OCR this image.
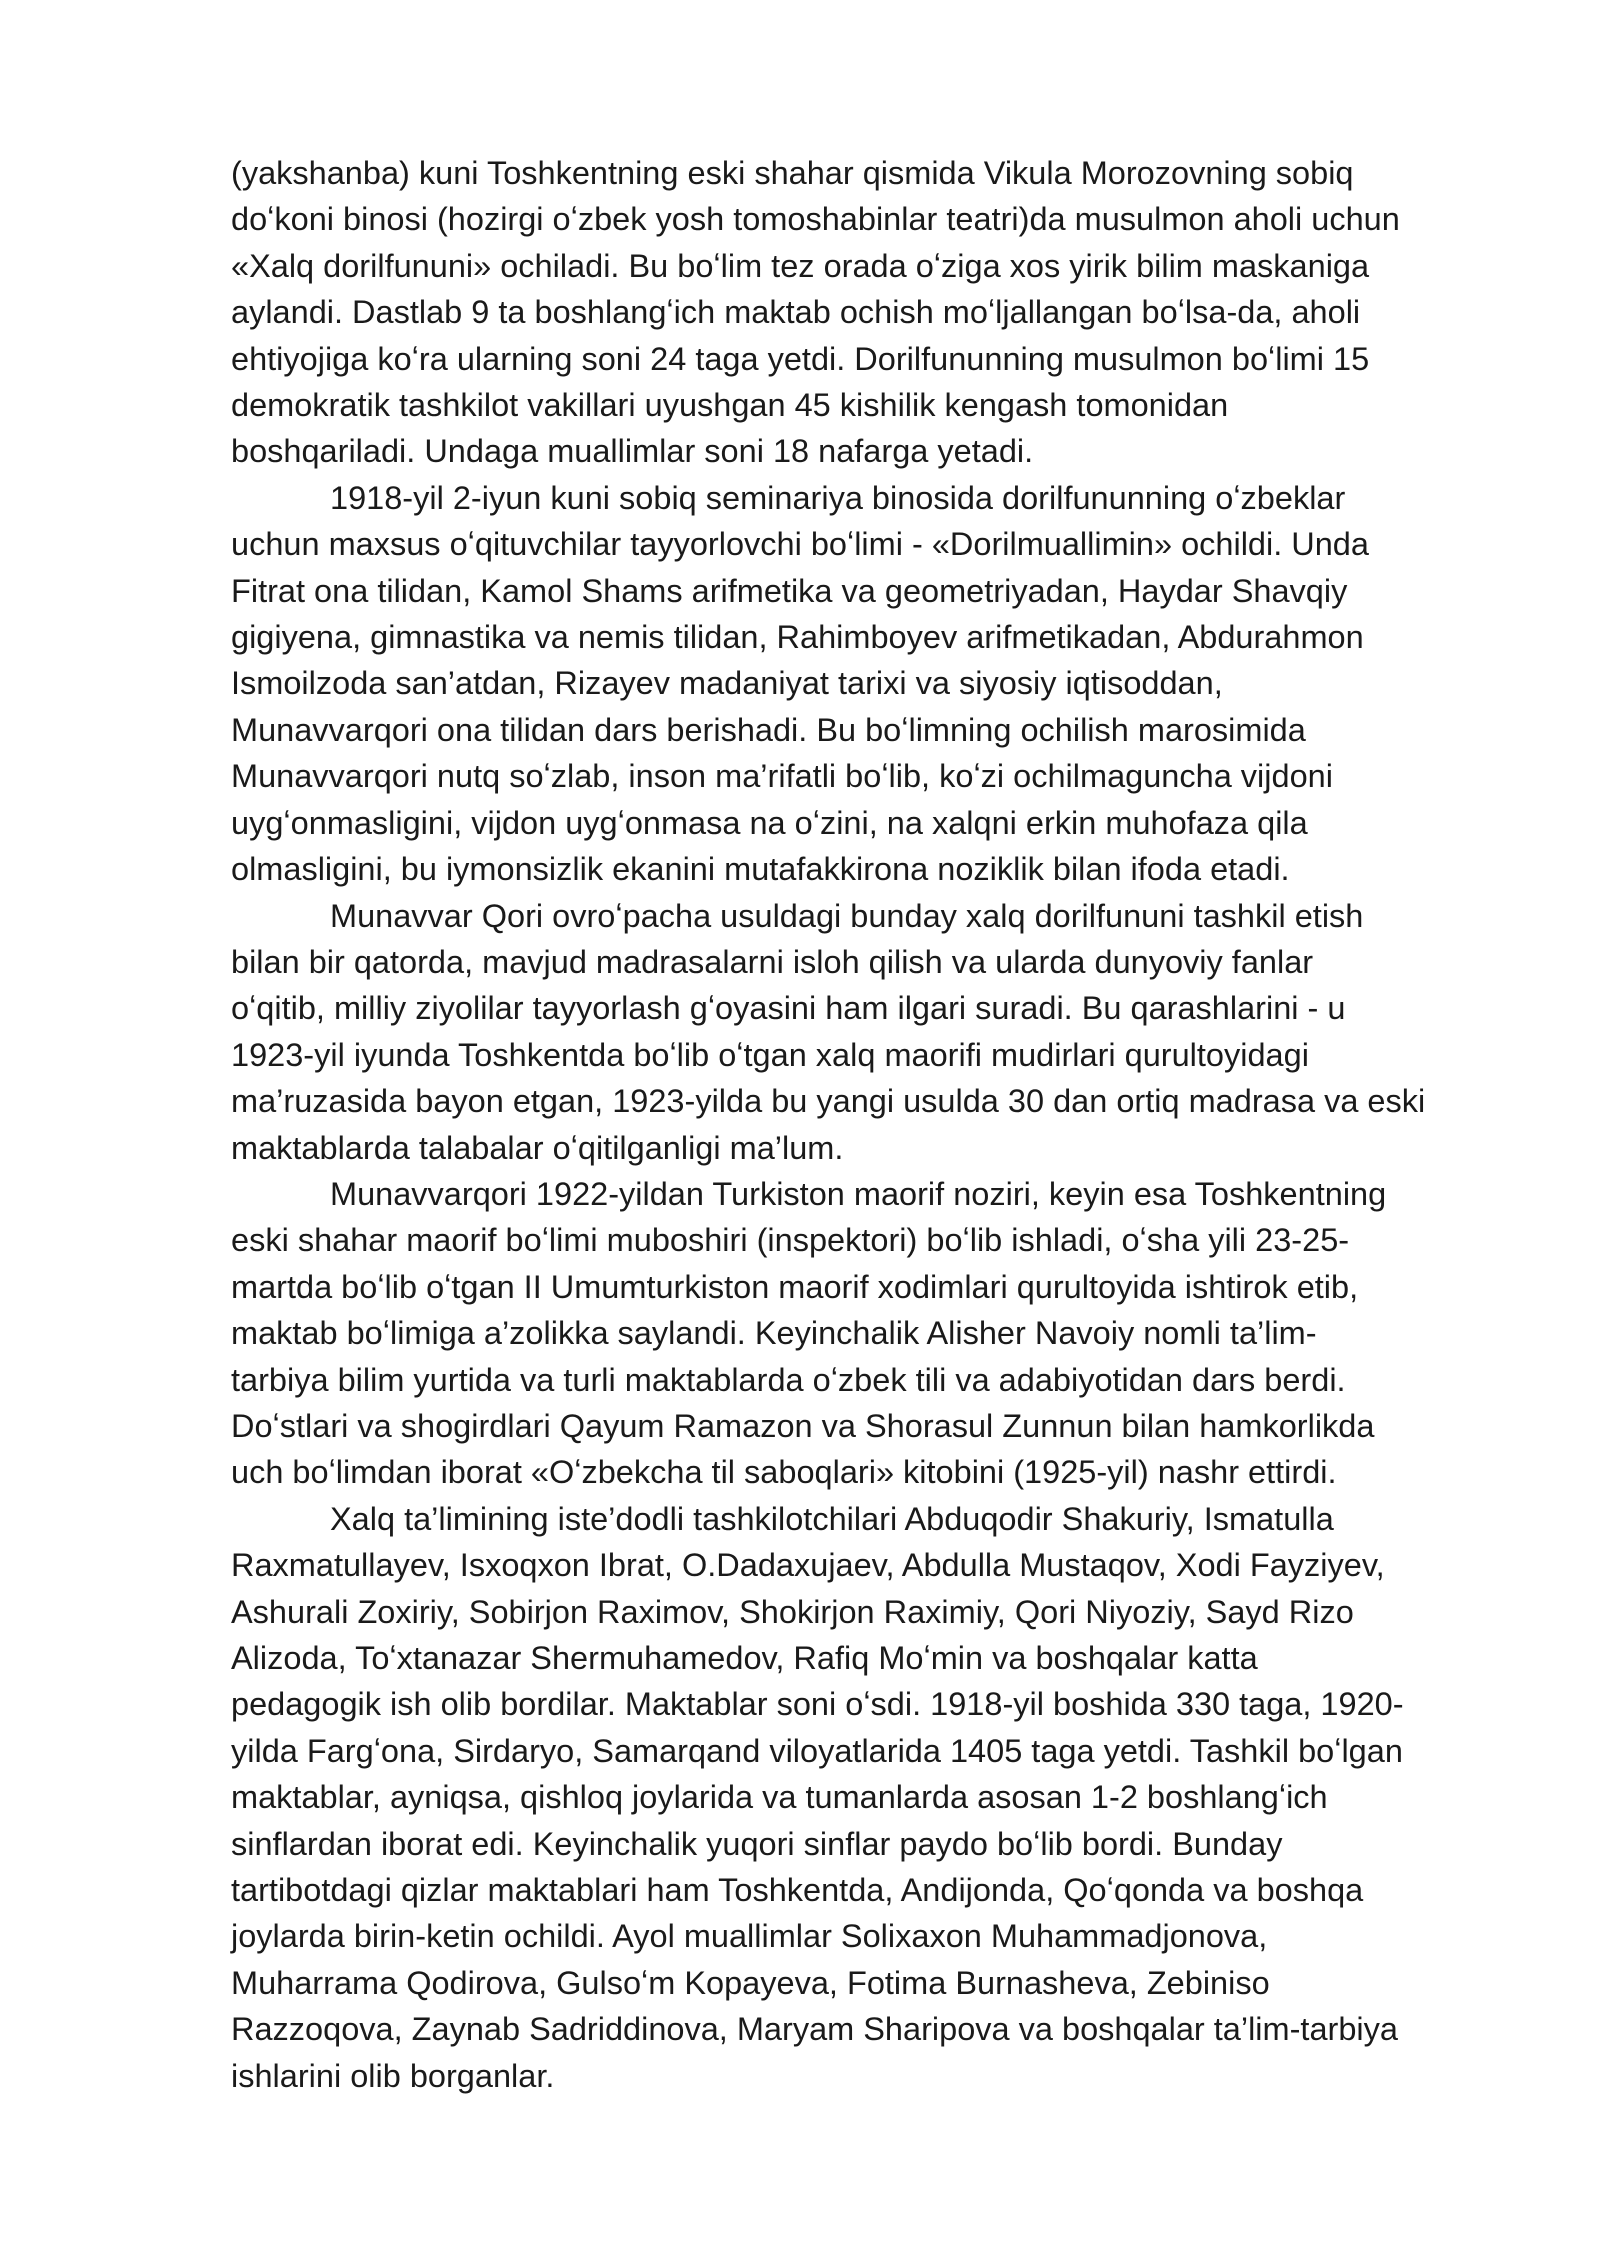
(yakshanba) kuni Toshkentning eski shahar qismida Vikula Morozovning sobiq
doʻkoni binosi (hozirgi oʻzbek yosh tomoshabinlar teatri)da musulmon aholi uchun
«Xalq dorilfununi» ochiladi. Bu boʻlim tez orada oʻziga xos yirik bilim maskaniga
aylandi. Dastlab 9 ta boshlangʻich maktab ochish moʻljallangan boʻlsa-da, aholi
ehtiyojiga koʻra ularning soni 24 taga yetdi. Dorilfununning musulmon boʻlimi 15
demokratik tashkilot vakillari uyushgan 45 kishilik kengash tomonidan
boshqariladi. Undaga muallimlar soni 18 nafarga yetadi.
1918-yil 2-iyun kuni sobiq seminariya binosida dorilfununning oʻzbeklar
uchun maxsus oʻqituvchilar tayyorlovchi boʻlimi - «Dorilmuallimin» ochildi. Unda
Fitrat ona tilidan, Kamol Shams arifmetika va geometriyadan, Haydar Shavqiy
gigiyena, gimnastika va nemis tilidan, Rahimboyev arifmetikadan, Abdurahmon
Ismoilzoda san’atdan, Rizayev madaniyat tarixi va siyosiy iqtisoddan,
Munavvarqori ona tilidan dars berishadi. Bu boʻlimning ochilish marosimida
Munavvarqori nutq soʻzlab, inson ma’rifatli boʻlib, koʻzi ochilmaguncha vijdoni
uygʻonmasligini, vijdon uygʻonmasa na oʻzini, na xalqni erkin muhofaza qila
olmasligini, bu iymonsizlik ekanini mutafakkirona noziklik bilan ifoda etadi.
Munavvar Qori ovroʻpacha usuldagi bunday xalq dorilfununi tashkil etish
bilan bir qatorda, mavjud madrasalarni isloh qilish va ularda dunyoviy fanlar
oʻqitib, milliy ziyolilar tayyorlash gʻoyasini ham ilgari suradi. Bu qarashlarini - u
1923-yil iyunda Toshkentda boʻlib oʻtgan xalq maorifi mudirlari qurultoyidagi
ma’ruzasida bayon etgan, 1923-yilda bu yangi usulda 30 dan ortiq madrasa va eski
maktablarda talabalar oʻqitilganligi ma’lum.
Munavvarqori 1922-yildan Turkiston maorif noziri, keyin esa Toshkentning
eski shahar maorif boʻlimi muboshiri (inspektori) boʻlib ishladi, oʻsha yili 23-25-
martda boʻlib oʻtgan II Umumturkiston maorif xodimlari qurultoyida ishtirok etib,
maktab boʻlimiga a’zolikka saylandi. Keyinchalik Alisher Navoiy nomli ta’lim-
tarbiya bilim yurtida va turli maktablarda oʻzbek tili va adabiyotidan dars berdi.
Doʻstlari va shogirdlari Qayum Ramazon va Shorasul Zunnun bilan hamkorlikda
uch boʻlimdan iborat «Oʻzbekcha til saboqlari» kitobini (1925-yil) nashr ettirdi.
Xalq ta’limining iste’dodli tashkilotchilari Abduqodir Shakuriy, Ismatulla
Raxmatullayev, Isxoqxon Ibrat, O.Dadaxujaev, Abdulla Mustaqov, Xodi Fayziyev,
Ashurali Zoxiriy, Sobirjon Raximov, Shokirjon Raximiy, Qori Niyoziy, Sayd Rizo
Alizoda, Toʻxtanazar Shermuhamedov, Rafiq Moʻmin va boshqalar katta
pedagogik ish olib bordilar. Maktablar soni oʻsdi. 1918-yil boshida 330 taga, 1920-
yilda Fargʻona, Sirdaryo, Samarqand viloyatlarida 1405 taga yetdi. Tashkil boʻlgan
maktablar, ayniqsa, qishloq joylarida va tumanlarda asosan 1-2 boshlangʻich
sinflardan iborat edi. Keyinchalik yuqori sinflar paydo boʻlib bordi. Bunday
tartibotdagi qizlar maktablari ham Toshkentda, Andijonda, Qoʻqonda va boshqa
joylarda birin-ketin ochildi. Ayol muallimlar Solixaxon Muhammadjonova,
Muharrama Qodirova, Gulsoʻm Kopayeva, Fotima Burnasheva, Zebiniso
Razzoqova, Zaynab Sadriddinova, Maryam Sharipova va boshqalar ta’lim-tarbiya
ishlarini olib borganlar.
